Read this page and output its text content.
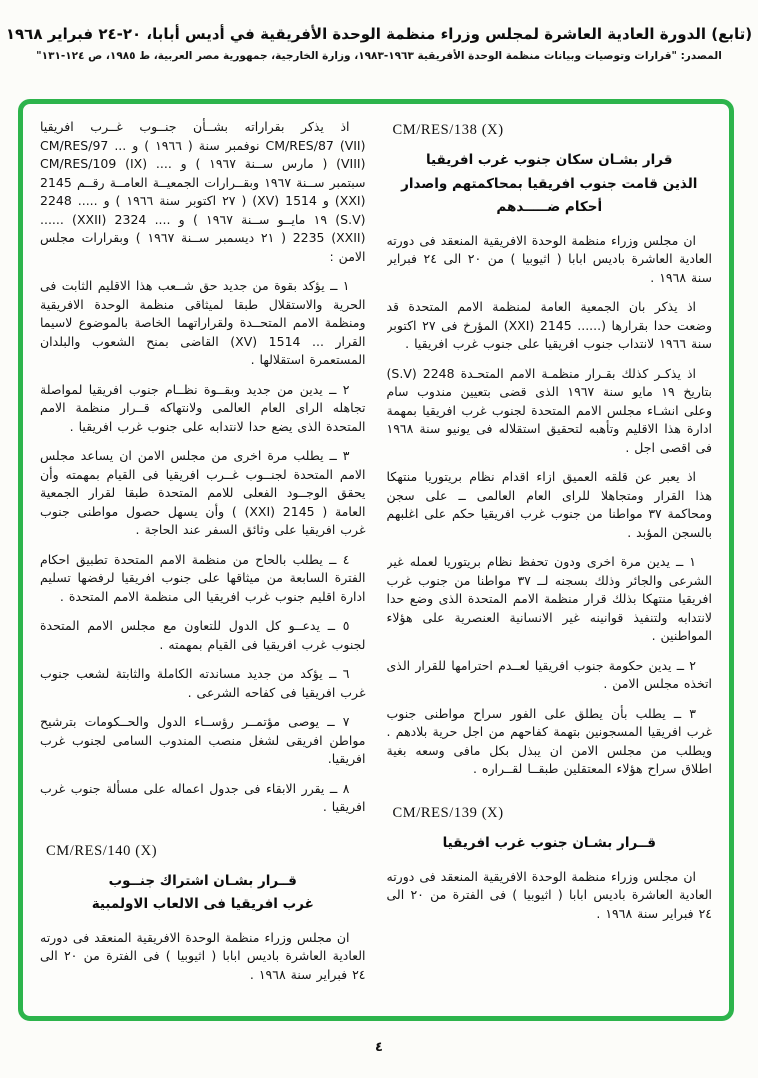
(تابع) الدورة العادية العاشرة لمجلس وزراء منظمة الوحدة الأفريقية في أديس أبابا، ٢٠-٢٤ فبراير ١٩٦٨
المصدر: "قرارات وتوصيات وبيانات منظمة الوحدة الأفريقية ١٩٦٣-١٩٨٣، وزارة الخارجية، جمهورية مصر العربية، ط ١٩٨٥، ص ١٢٤-١٣١"
CM/RES/138 (X)
قرار بشـان سكان جنوب غرب افريقيا
الذين قامت جنوب افريقيا بمحاكمتهم واصدار
أحكام ضـــــدهم

ان مجلس وزراء منظمة الوحدة الافريقية المنعقد فى دورته العادية العاشرة باديس ابابا ( اثيوبيا ) من ٢٠ الى ٢٤ فبراير سنة ١٩٦٨ .

اذ يذكر بان الجمعية العامة لمنظمة الامم المتحدة قد وضعت حدا بقرارها (...... 2145 (XXI) المؤرخ فى ٢٧ اكتوبر سنة ١٩٦٦ لانتداب جنوب افريقيا على جنوب غرب افريقيا .

اذ يذكـر كذلك بقـرار منظمـة الامم المتحـدة 2248 (S.V) بتاريخ ١٩ مايو سنة ١٩٦٧ الذى قضى بتعيين مندوب سام وعلى انشـاء مجلس الامم المتحدة لجنوب غرب افريقيا بمهمة ادارة هذا الاقليم وتأهبه لتحقيق استقلاله فى يونيو سنة ١٩٦٨ فى اقصى اجل .

اذ يعبر عن قلقه العميق ازاء اقدام نظام بريتوريا منتهكا هذا القرار ومتجاهلا للراى العام العالمى ــ على سجن ومحاكمة ٣٧ مواطنا من جنوب غرب افريقيا حكم على اغلبهم بالسجن المؤبد .

١ ــ يدين مرة اخرى ودون تحفظ نظام بريتوريا لعمله غير الشرعى والجائر وذلك بسجنه لــ ٣٧ مواطنا من جنوب غرب افريقيا منتهكا بذلك قرار منظمة الامم المتحدة الذى وضع حدا لانتدابه ولتنفيذ قوانينه غير الانسانية العنصرية على هؤلاء المواطنين .

٢ ــ يدين حكومة جنوب افريقيا لعــدم احترامها للقرار الذى اتخذه مجلس الامن .

٣ ــ يطلب بأن يطلق على الفور سراح مواطنى جنوب غرب افريقيا المسجونين بتهمة كفاحهم من اجل حرية بلادهم . ويطلب من مجلس الامن ان يبذل بكل مافى وسعه بغية اطلاق سراح هؤلاء المعتقلين طبقــا لقــراره .

CM/RES/139 (X)
قــرار بشـان جنوب غرب افريقيا

ان مجلس وزراء منظمة الوحدة الافريقية المنعقد فى دورته العادية العاشرة باديس ابابا ( اثيوبيا ) فى الفترة من ٢٠ الى ٢٤ فبراير سنة ١٩٦٨ .

اذ يذكر بقراراته بشــأن جنــوب غــرب افريقيا CM/RES/87 (VII) نوفمبر سنة ( ١٩٦٦ ) و ... CM/RES/97 (VIII) ( مارس ســنة ١٩٦٧ ) و .... CM/RES/109 (IX) سبتمبر ســنة ١٩٦٧ وبقــرارات الجمعيــة العامــة رقــم 2145 (XXI) و 1514 (XV) ( ٢٧ اكتوبر سنة ١٩٦٦ ) و ..... 2248 (S.V) ١٩ مايــو ســنة ١٩٦٧ ) و .... 2324 (XXII) ...... 2235 (XXII) ( ٢١ ديسمبر ســنة ١٩٦٧ ) وبقرارات مجلس الامن :

١ ــ يؤكد بقوة من جديد حق شــعب هذا الاقليم الثابت فى الحرية والاستقلال طبقا لميثاقى منظمة الوحدة الافريقية ومنظمة الامم المتحــدة ولقراراتهما الخاصة بالموضوع لاسيما القرار ... 1514 (XV) القاضى بمنح الشعوب والبلدان المستعمرة استقلالها .

٢ ــ يدين من جديد وبقــوة نظــام جنوب افريقيا لمواصلة تجاهله الراى العام العالمى ولانتهاكه قــرار منظمة الامم المتحدة الذى يضع حدا لانتدابه على جنوب غرب افريقيا .

٣ ــ يطلب مرة اخرى من مجلس الامن ان يساعد مجلس الامم المتحدة لجنــوب غــرب افريقيا فى القيام بمهمته وأن يحقق الوجــود الفعلى للامم المتحدة طبقا لقرار الجمعية العامة ( 2145 (XXI) ) وأن يسهل حصول مواطنى جنوب غرب افريقيا على وثائق السفر عند الحاجة .

٤ ــ يطلب بالحاح من منظمة الامم المتحدة تطبيق احكام الفترة السابعة من ميثاقها على جنوب افريقيا لرفضها تسليم ادارة اقليم جنوب غرب افريقيا الى منظمة الامم المتحدة .

٥ ــ يدعــو كل الدول للتعاون مع مجلس الامم المتحدة لجنوب غرب افريقيا فى القيام بمهمته .

٦ ــ يؤكد من جديد مساندته الكاملة والثابتة لشعب جنوب غرب افريقيا فى كفاحه الشرعى .

٧ ــ يوصى مؤتمــر رؤســاء الدول والحــكومات بترشيح مواطن افريقى لشغل منصب المندوب السامى لجنوب غرب افريقيا.

٨ ــ يقرر الابقاء فى جدول اعماله على مسألة جنوب غرب افريقيا .

CM/RES/140 (X)
قــرار بشـان اشتراك جنــوب
غرب افريقيا فى الالعاب الاولمبية

ان مجلس وزراء منظمة الوحدة الافريقية المنعقد فى دورته العادية العاشرة باديس ابابا ( اثيوبيا ) فى الفترة من ٢٠ الى ٢٤ فبراير سنة ١٩٦٨ .

٤
